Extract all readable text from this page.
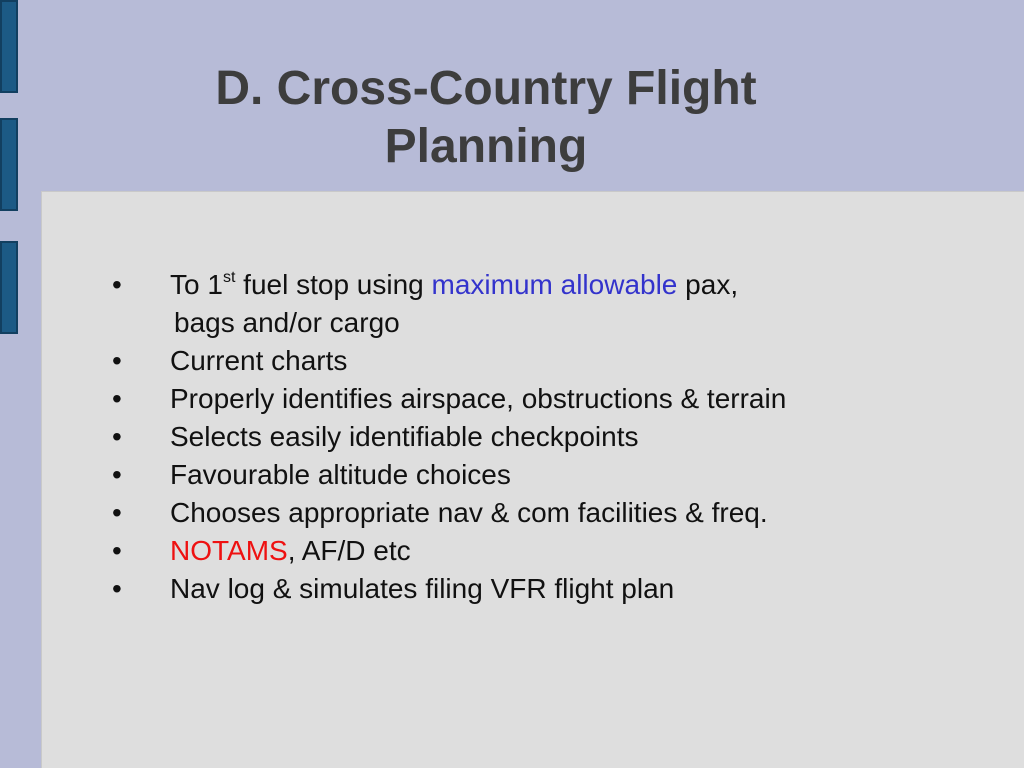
D. Cross-Country Flight
Planning
• To 1st fuel stop using maximum allowable pax,
bags and/or cargo
• Current charts
• Properly identifies airspace, obstructions & terrain
• Selects easily identifiable checkpoints
• Favourable altitude choices
• Chooses appropriate nav & com facilities & freq.
• NOTAMS, AF/D etc
• Nav log & simulates filing VFR flight plan
